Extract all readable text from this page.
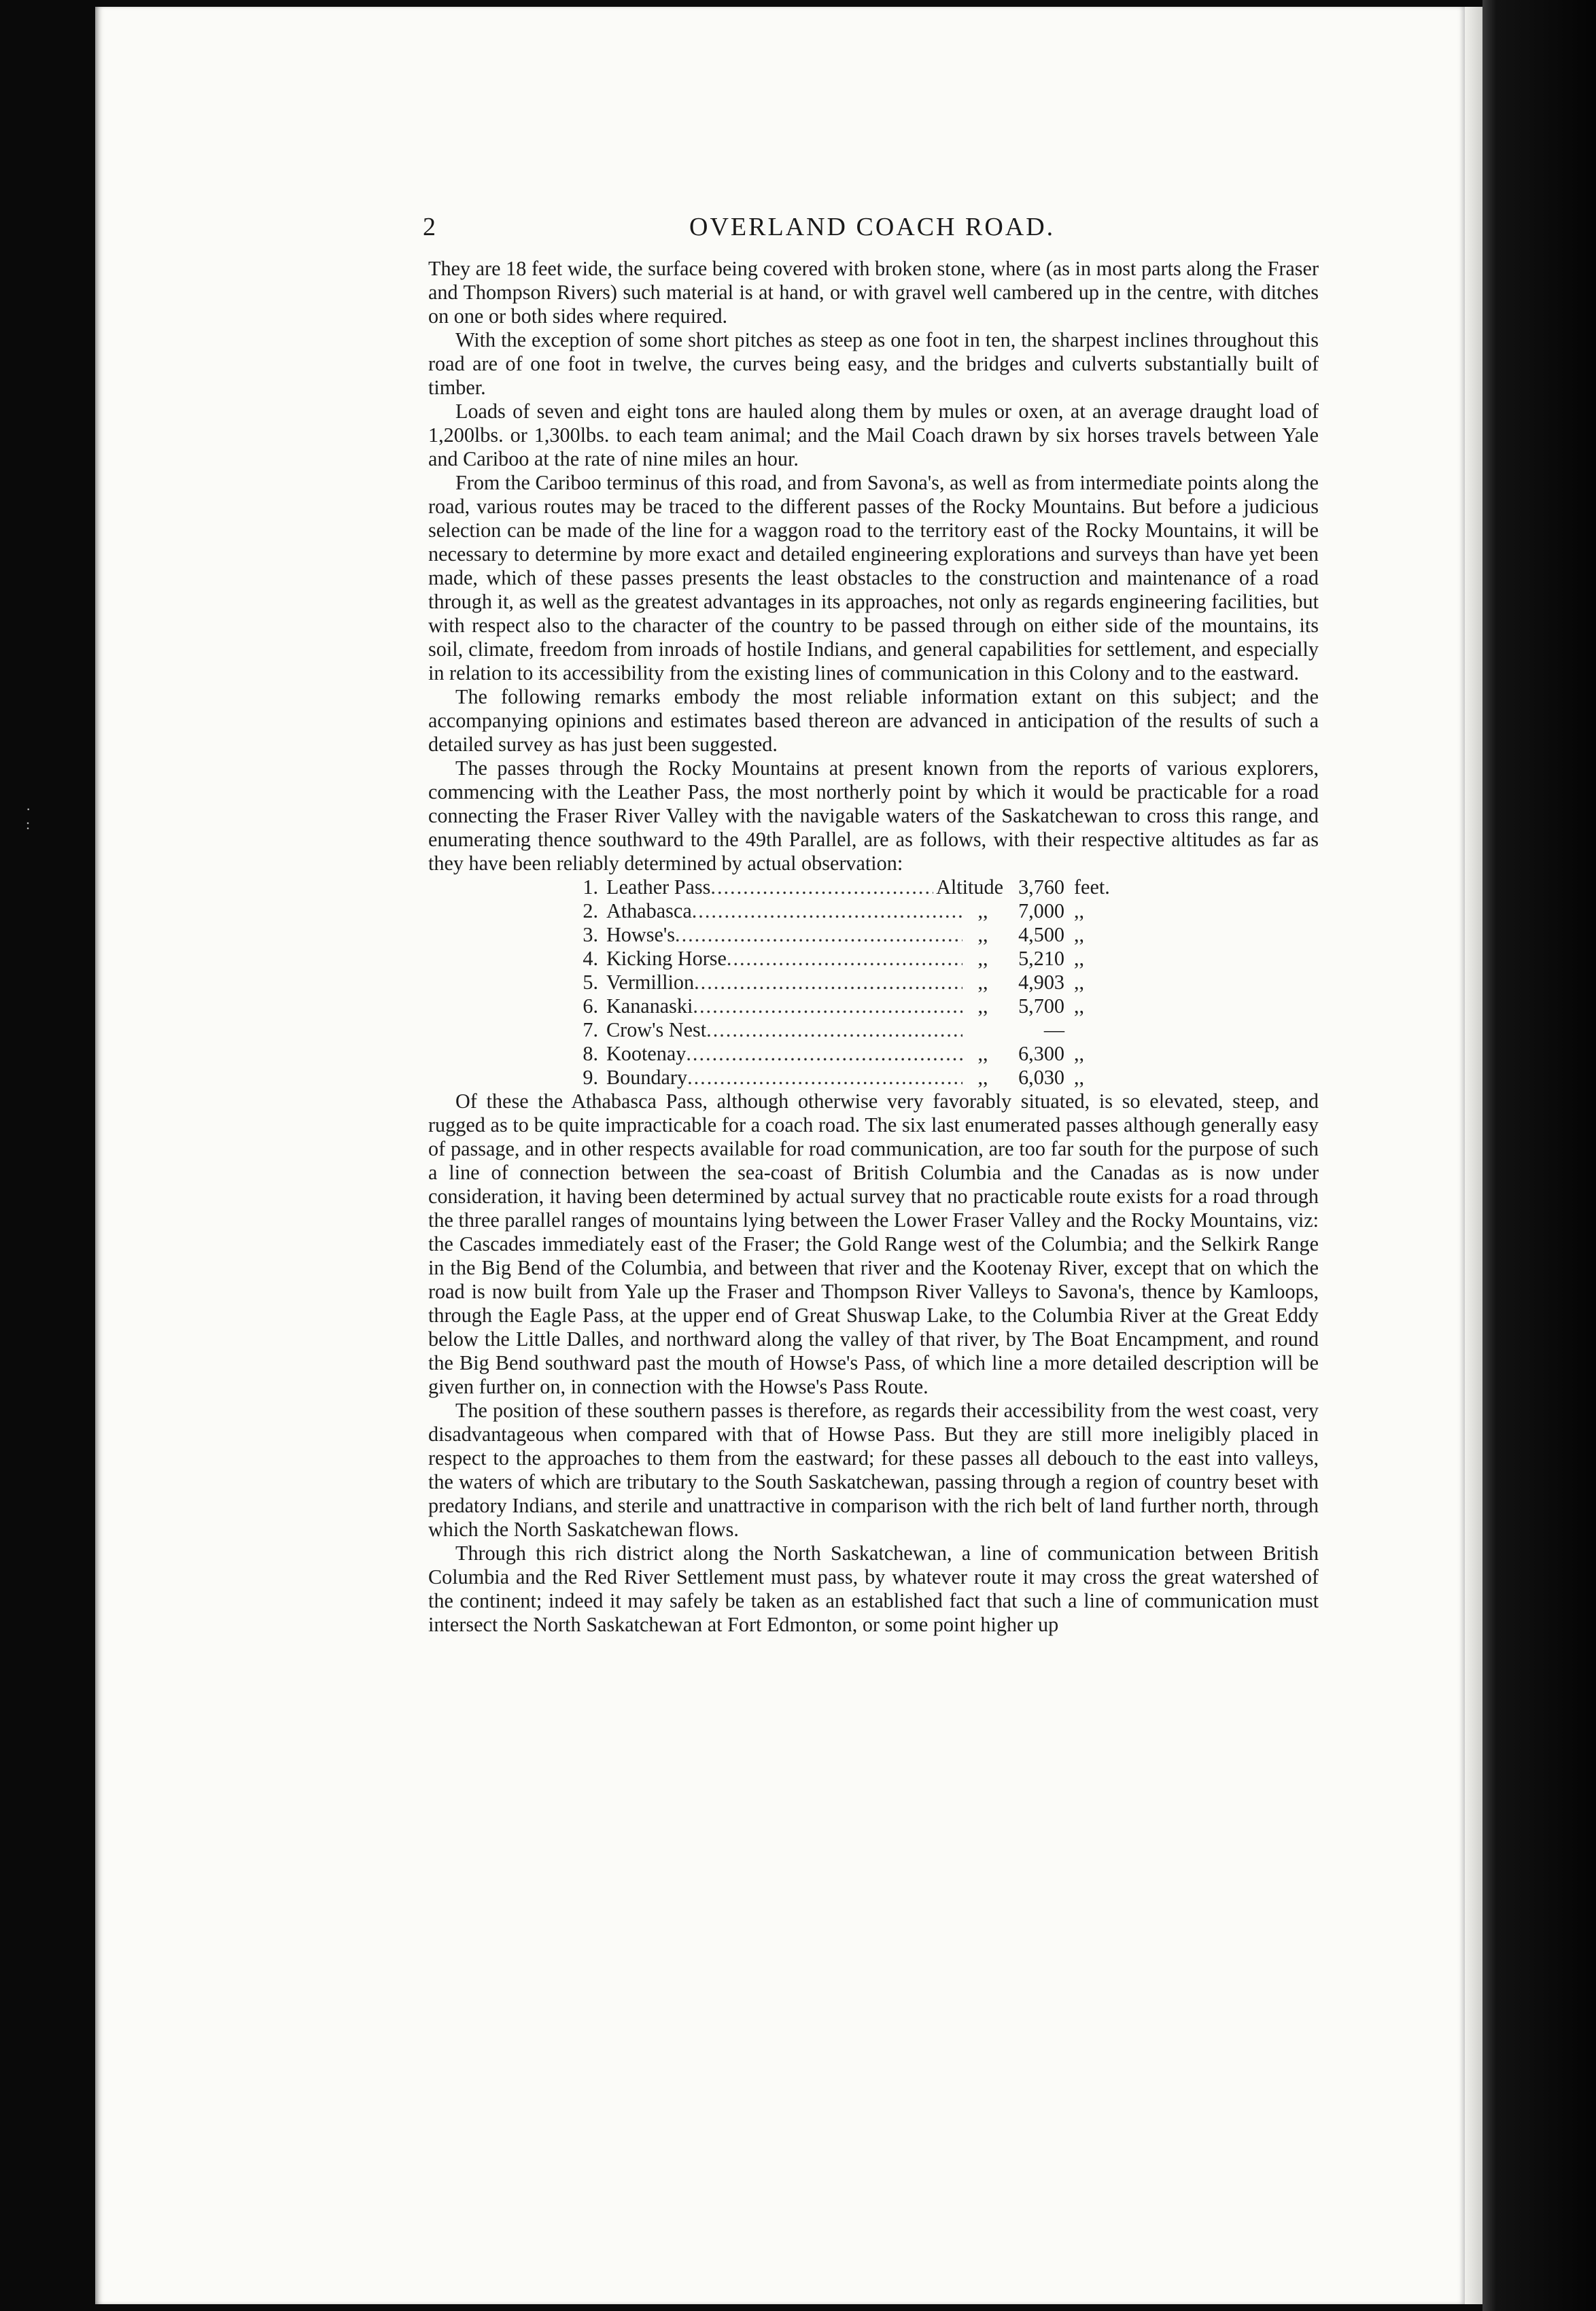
·
:
2	OVERLAND COACH ROAD.

They are 18 feet wide, the surface being covered with broken stone, where (as in most parts along the Fraser and Thompson Rivers) such material is at hand, or with gravel well cambered up in the centre, with ditches on one or both sides where required.

With the exception of some short pitches as steep as one foot in ten, the sharpest inclines throughout this road are of one foot in twelve, the curves being easy, and the bridges and culverts substantially built of timber.

Loads of seven and eight tons are hauled along them by mules or oxen, at an average draught load of 1,200lbs. or 1,300lbs. to each team animal; and the Mail Coach drawn by six horses travels between Yale and Cariboo at the rate of nine miles an hour.

From the Cariboo terminus of this road, and from Savona's, as well as from intermediate points along the road, various routes may be traced to the different passes of the Rocky Mountains. But before a judicious selection can be made of the line for a waggon road to the territory east of the Rocky Mountains, it will be necessary to determine by more exact and detailed engineering explorations and surveys than have yet been made, which of these passes presents the least obstacles to the construction and maintenance of a road through it, as well as the greatest advantages in its approaches, not only as regards engineering facilities, but with respect also to the character of the country to be passed through on either side of the mountains, its soil, climate, freedom from inroads of hostile Indians, and general capabilities for settlement, and especially in relation to its accessibility from the existing lines of communication in this Colony and to the eastward.

The following remarks embody the most reliable information extant on this subject; and the accompanying opinions and estimates based thereon are advanced in anticipation of the results of such a detailed survey as has just been suggested.

The passes through the Rocky Mountains at present known from the reports of various explorers, commencing with the Leather Pass, the most northerly point by which it would be practicable for a road connecting the Fraser River Valley with the navigable waters of the Saskatchewan to cross this range, and enumerating thence southward to the 49th Parallel, are as follows, with their respective altitudes as far as they have been reliably determined by actual observation:

1. Leather Pass .....	Altitude 3,760 feet.
2. Athabasca .....	,,	7,000 ,,
3. Howse's .....	,,	4,500 ,,
4. Kicking Horse .....	,,	5,210 ,,
5. Vermillion .....	,,	4,903 ,,
6. Kananaski .....	,,	5,700 ,,
7. Crow's Nest .....	—
8. Kootenay .....	,,	6,300 ,,
9. Boundary .....	,,	6,030 ,,

Of these the Athabasca Pass, although otherwise very favorably situated, is so elevated, steep, and rugged as to be quite impracticable for a coach road. The six last enumerated passes although generally easy of passage, and in other respects available for road communication, are too far south for the purpose of such a line of connection between the sea-coast of British Columbia and the Canadas as is now under consideration, it having been determined by actual survey that no practicable route exists for a road through the three parallel ranges of mountains lying between the Lower Fraser Valley and the Rocky Mountains, viz: the Cascades immediately east of the Fraser; the Gold Range west of the Columbia; and the Selkirk Range in the Big Bend of the Columbia, and between that river and the Kootenay River, except that on which the road is now built from Yale up the Fraser and Thompson River Valleys to Savona's, thence by Kamloops, through the Eagle Pass, at the upper end of Great Shuswap Lake, to the Columbia River at the Great Eddy below the Little Dalles, and northward along the valley of that river, by The Boat Encampment, and round the Big Bend southward past the mouth of Howse's Pass, of which line a more detailed description will be given further on, in connection with the Howse's Pass Route.

The position of these southern passes is therefore, as regards their accessibility from the west coast, very disadvantageous when compared with that of Howse Pass. But they are still more ineligibly placed in respect to the approaches to them from the eastward; for these passes all debouch to the east into valleys, the waters of which are tributary to the South Saskatchewan, passing through a region of country beset with predatory Indians, and sterile and unattractive in comparison with the rich belt of land further north, through which the North Saskatchewan flows.

Through this rich district along the North Saskatchewan, a line of communication between British Columbia and the Red River Settlement must pass, by whatever route it may cross the great watershed of the continent; indeed it may safely be taken as an established fact that such a line of communication must intersect the North Saskatchewan at Fort Edmonton, or some point higher up
